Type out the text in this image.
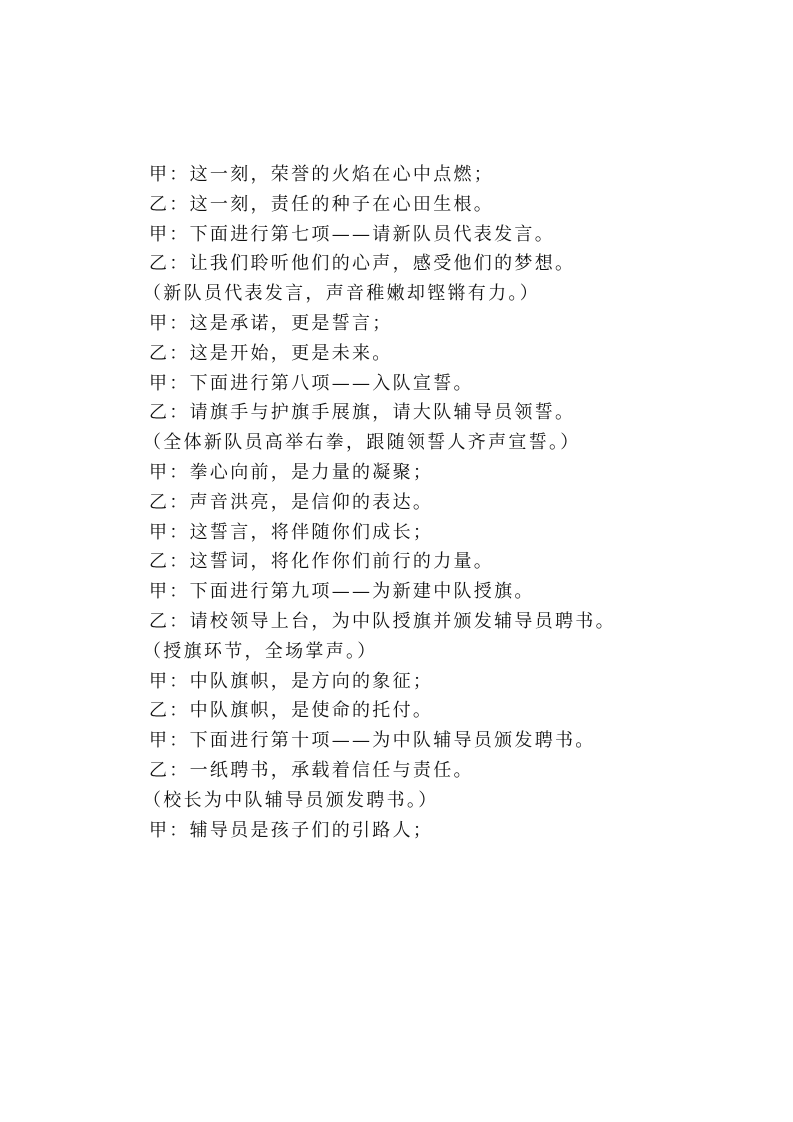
甲：这一刻，荣誉的火焰在心中点燃；
乙：这一刻，责任的种子在心田生根。
甲：下面进行第七项——请新队员代表发言。
乙：让我们聆听他们的心声，感受他们的梦想。
（新队员代表发言，声音稚嫩却铿锵有力。）
甲：这是承诺，更是誓言；
乙：这是开始，更是未来。
甲：下面进行第八项——入队宣誓。
乙：请旗手与护旗手展旗，请大队辅导员领誓。
（全体新队员高举右拳，跟随领誓人齐声宣誓。）
甲：拳心向前，是力量的凝聚；
乙：声音洪亮，是信仰的表达。
甲：这誓言，将伴随你们成长；
乙：这誓词，将化作你们前行的力量。
甲：下面进行第九项——为新建中队授旗。
乙：请校领导上台，为中队授旗并颁发辅导员聘书。
（授旗环节，全场掌声。）
甲：中队旗帜，是方向的象征；
乙：中队旗帜，是使命的托付。
甲：下面进行第十项——为中队辅导员颁发聘书。
乙：一纸聘书，承载着信任与责任。
（校长为中队辅导员颁发聘书。）
甲：辅导员是孩子们的引路人；
